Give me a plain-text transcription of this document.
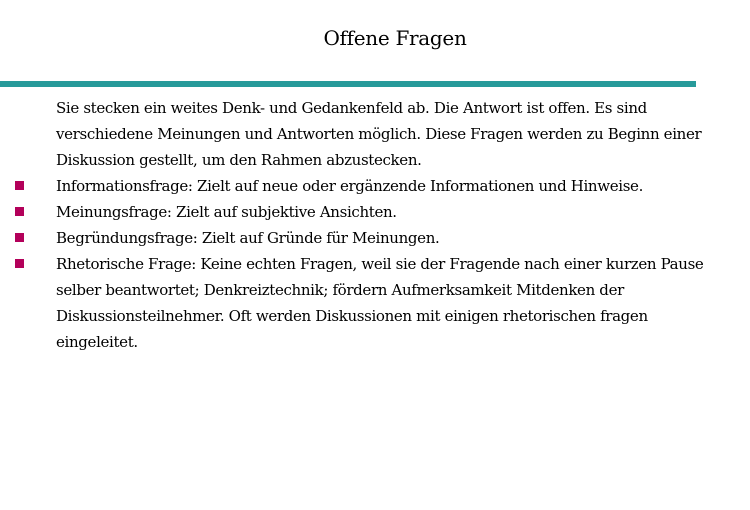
Offene Fragen

Sie stecken ein weites Denk- und Gedankenfeld ab. Die Antwort ist offen. Es sind verschiedene Meinungen und Antworten möglich. Diese Fragen werden zu Beginn einer Diskussion gestellt, um den Rahmen abzustecken.

Informationsfrage: Zielt auf neue oder ergänzende Informationen und Hinweise.
Meinungsfrage: Zielt auf subjektive Ansichten.
Begründungsfrage: Zielt auf Gründe für Meinungen.
Rhetorische Frage: Keine echten Fragen, weil sie der Fragende nach einer kurzen Pause selber beantwortet; Denkreiztechnik; fördern Aufmerksamkeit Mitdenken der Diskussionsteilnehmer. Oft werden Diskussionen mit einigen rhetorischen fragen eingeleitet.
